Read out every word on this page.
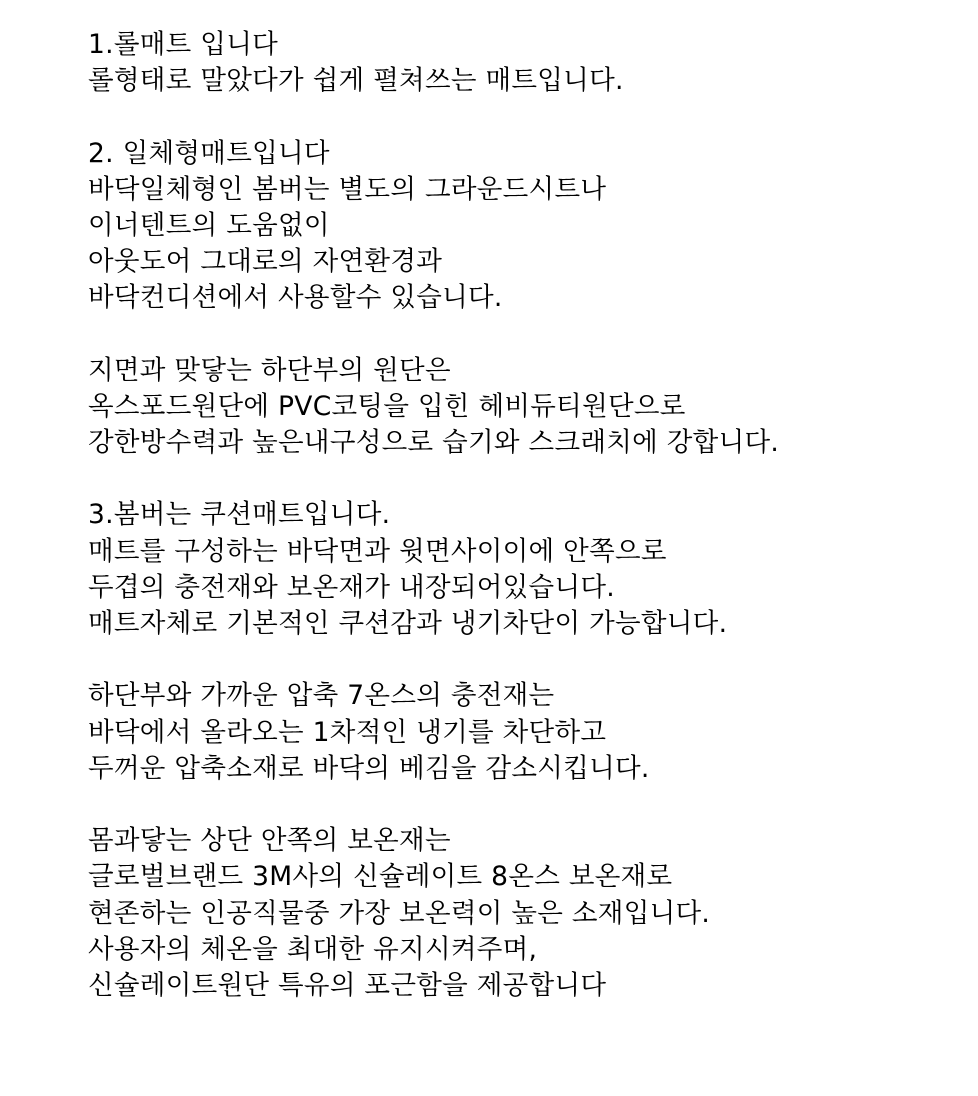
1.롤매트 입니다
롤형태로 말았다가 쉽게 펼쳐쓰는 매트입니다.
2. 일체형매트입니다
바닥일체형인 봄버는 별도의 그라운드시트나
이너텐트의 도움없이
아웃도어 그대로의 자연환경과
바닥컨디션에서 사용할수 있습니다.
지면과 맞닿는 하단부의 원단은
옥스포드원단에 PVC코팅을 입힌 헤비듀티원단으로
강한방수력과 높은내구성으로 습기와 스크래치에 강합니다.
3.봄버는 쿠션매트입니다.
매트를 구성하는 바닥면과 윗면사이이에 안쪽으로
두겹의 충전재와 보온재가 내장되어있습니다.
매트자체로 기본적인 쿠션감과 냉기차단이 가능합니다.
하단부와 가까운 압축 7온스의 충전재는
바닥에서 올라오는 1차적인 냉기를 차단하고
두꺼운 압축소재로 바닥의 베김을 감소시킵니다.
몸과닿는 상단 안쪽의 보온재는
글로벌브랜드 3M사의 신슐레이트 8온스 보온재로
현존하는 인공직물중 가장 보온력이 높은 소재입니다.
사용자의 체온을 최대한 유지시켜주며,
신슐레이트원단 특유의 포근함을 제공합니다
